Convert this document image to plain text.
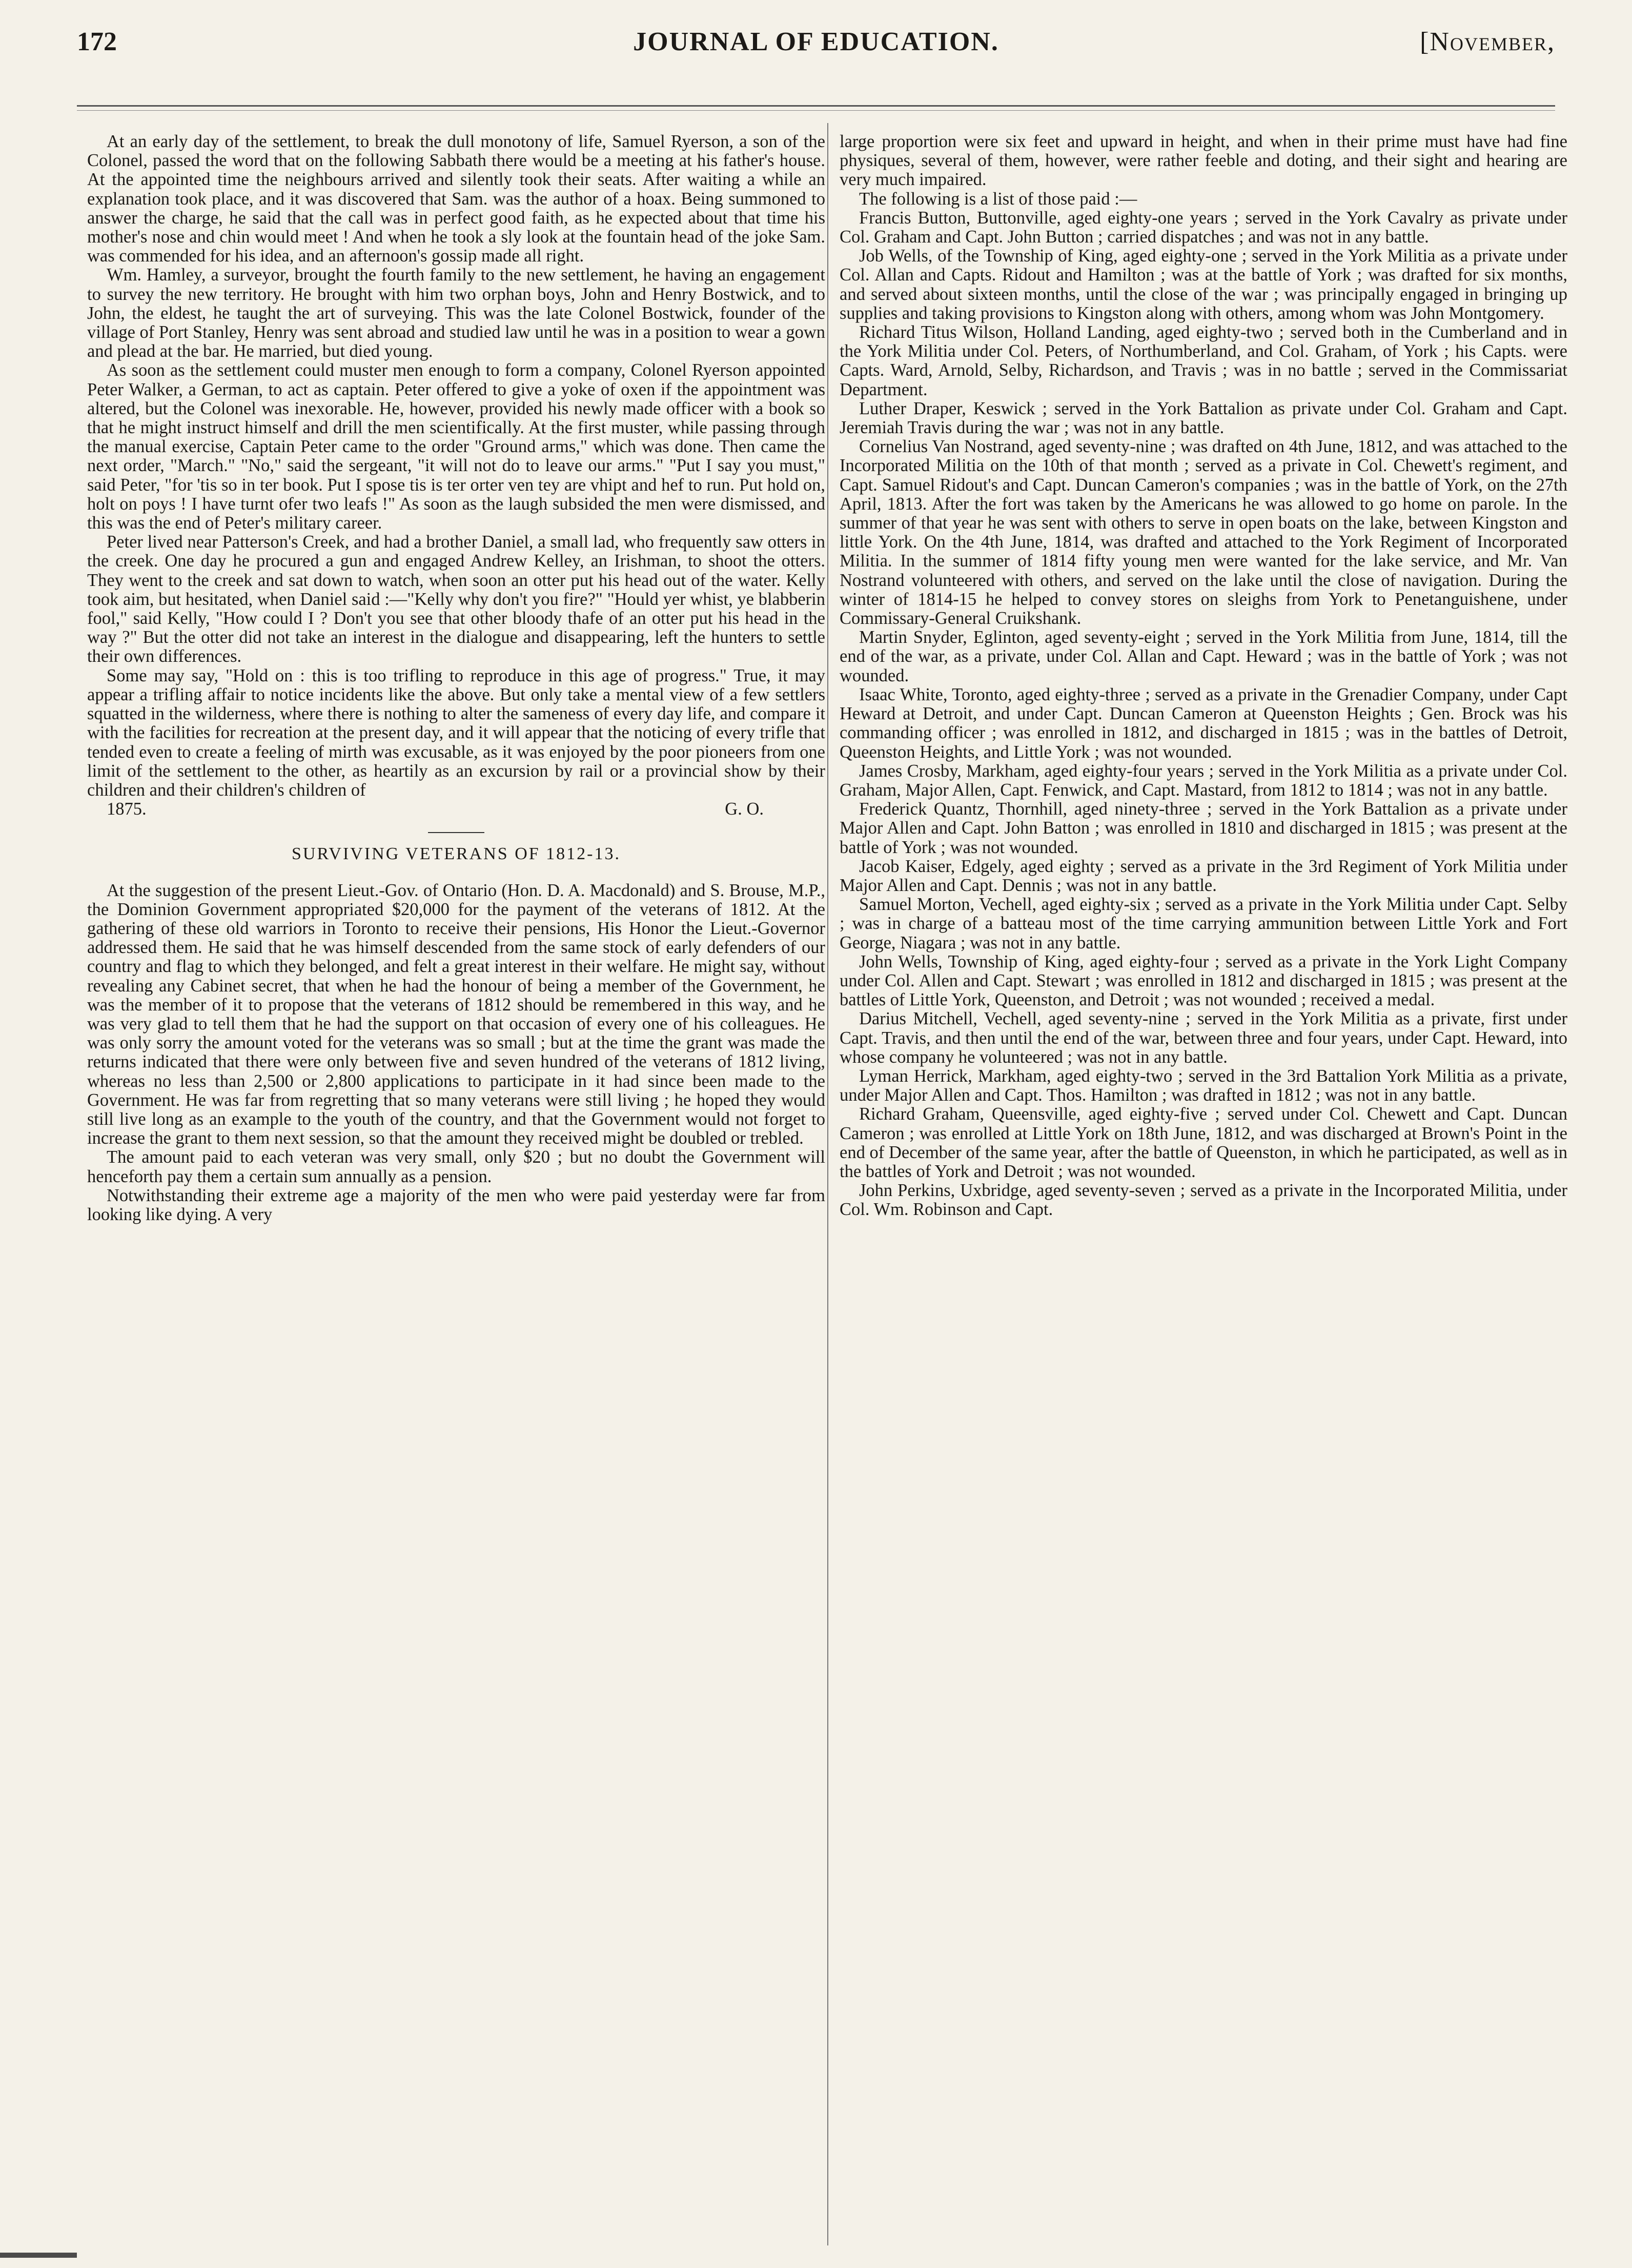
172	JOURNAL OF EDUCATION.	[November,

At an early day of the settlement, to break the dull monotony of life, Samuel Ryerson, a son of the Colonel, passed the word that on the following Sabbath there would be a meeting at his father's house. At the appointed time the neighbours arrived and silently took their seats. After waiting a while an explanation took place, and it was discovered that Sam. was the author of a hoax. Being summoned to answer the charge, he said that the call was in perfect good faith, as he expected about that time his mother's nose and chin would meet ! And when he took a sly look at the fountain head of the joke Sam. was commended for his idea, and an afternoon's gossip made all right.

Wm. Hamley, a surveyor, brought the fourth family to the new settlement, he having an engagement to survey the new territory. He brought with him two orphan boys, John and Henry Bostwick, and to John, the eldest, he taught the art of surveying. This was the late Colonel Bostwick, founder of the village of Port Stanley, Henry was sent abroad and studied law until he was in a position to wear a gown and plead at the bar. He married, but died young.

As soon as the settlement could muster men enough to form a company, Colonel Ryerson appointed Peter Walker, a German, to act as captain. Peter offered to give a yoke of oxen if the appointment was altered, but the Colonel was inexorable. He, however, provided his newly made officer with a book so that he might instruct himself and drill the men scientifically. At the first muster, while passing through the manual exercise, Captain Peter came to the order "Ground arms," which was done. Then came the next order, "March." "No," said the sergeant, "it will not do to leave our arms." "Put I say you must," said Peter, "for 'tis so in ter book. Put I spose tis is ter orter ven tey are vhipt and hef to run. Put hold on, holt on poys ! I have turnt ofer two leafs !" As soon as the laugh subsided the men were dismissed, and this was the end of Peter's military career.

Peter lived near Patterson's Creek, and had a brother Daniel, a small lad, who frequently saw otters in the creek. One day he procured a gun and engaged Andrew Kelley, an Irishman, to shoot the otters. They went to the creek and sat down to watch, when soon an otter put his head out of the water. Kelly took aim, but hesitated, when Daniel said :—"Kelly why don't you fire?" "Hould yer whist, ye blabberin fool," said Kelly, "How could I ? Don't you see that other bloody thafe of an otter put his head in the way ?" But the otter did not take an interest in the dialogue and disappearing, left the hunters to settle their own differences.

Some may say, "Hold on : this is too trifling to reproduce in this age of progress." True, it may appear a trifling affair to notice incidents like the above. But only take a mental view of a few settlers squatted in the wilderness, where there is nothing to alter the sameness of every day life, and compare it with the facilities for recreation at the present day, and it will appear that the noticing of every trifle that tended even to create a feeling of mirth was excusable, as it was enjoyed by the poor pioneers from one limit of the settlement to the other, as heartily as an excursion by rail or a provincial show by their children and their children's children of

1875.	G. O.
SURVIVING VETERANS OF 1812-13.

At the suggestion of the present Lieut.-Gov. of Ontario (Hon. D. A. Macdonald) and S. Brouse, M.P., the Dominion Government appropriated $20,000 for the payment of the veterans of 1812. At the gathering of these old warriors in Toronto to receive their pensions, His Honor the Lieut.-Governor addressed them. He said that he was himself descended from the same stock of early defenders of our country and flag to which they belonged, and felt a great interest in their welfare. He might say, without revealing any Cabinet secret, that when he had the honour of being a member of the Government, he was the member of it to propose that the veterans of 1812 should be remembered in this way, and he was very glad to tell them that he had the support on that occasion of every one of his colleagues. He was only sorry the amount voted for the veterans was so small ; but at the time the grant was made the returns indicated that there were only between five and seven hundred of the veterans of 1812 living, whereas no less than 2,500 or 2,800 applications to participate in it had since been made to the Government. He was far from regretting that so many veterans were still living ; he hoped they would still live long as an example to the youth of the country, and that the Government would not forget to increase the grant to them next session, so that the amount they received might be doubled or trebled.

The amount paid to each veteran was very small, only $20 ; but no doubt the Government will henceforth pay them a certain sum annually as a pension.

Notwithstanding their extreme age a majority of the men who were paid yesterday were far from looking like dying. A very

large proportion were six feet and upward in height, and when in their prime must have had fine physiques, several of them, however, were rather feeble and doting, and their sight and hearing are very much impaired.

The following is a list of those paid :—

Francis Button, Buttonville, aged eighty-one years ; served in the York Cavalry as private under Col. Graham and Capt. John Button ; carried dispatches ; and was not in any battle.

Job Wells, of the Township of King, aged eighty-one ; served in the York Militia as a private under Col. Allan and Capts. Ridout and Hamilton ; was at the battle of York ; was drafted for six months, and served about sixteen months, until the close of the war ; was principally engaged in bringing up supplies and taking provisions to Kingston along with others, among whom was John Montgomery.

Richard Titus Wilson, Holland Landing, aged eighty-two ; served both in the Cumberland and in the York Militia under Col. Peters, of Northumberland, and Col. Graham, of York ; his Capts. were Capts. Ward, Arnold, Selby, Richardson, and Travis ; was in no battle ; served in the Commissariat Department.

Luther Draper, Keswick ; served in the York Battalion as private under Col. Graham and Capt. Jeremiah Travis during the war ; was not in any battle.

Cornelius Van Nostrand, aged seventy-nine ; was drafted on 4th June, 1812, and was attached to the Incorporated Militia on the 10th of that month ; served as a private in Col. Chewett's regiment, and Capt. Samuel Ridout's and Capt. Duncan Cameron's companies ; was in the battle of York, on the 27th April, 1813. After the fort was taken by the Americans he was allowed to go home on parole. In the summer of that year he was sent with others to serve in open boats on the lake, between Kingston and little York. On the 4th June, 1814, was drafted and attached to the York Regiment of Incorporated Militia. In the summer of 1814 fifty young men were wanted for the lake service, and Mr. Van Nostrand volunteered with others, and served on the lake until the close of navigation. During the winter of 1814-15 he helped to convey stores on sleighs from York to Penetanguishene, under Commissary-General Cruikshank.

Martin Snyder, Eglinton, aged seventy-eight ; served in the York Militia from June, 1814, till the end of the war, as a private, under Col. Allan and Capt. Heward ; was in the battle of York ; was not wounded.

Isaac White, Toronto, aged eighty-three ; served as a private in the Grenadier Company, under Capt Heward at Detroit, and under Capt. Duncan Cameron at Queenston Heights ; Gen. Brock was his commanding officer ; was enrolled in 1812, and discharged in 1815 ; was in the battles of Detroit, Queenston Heights, and Little York ; was not wounded.

James Crosby, Markham, aged eighty-four years ; served in the York Militia as a private under Col. Graham, Major Allen, Capt. Fenwick, and Capt. Mastard, from 1812 to 1814 ; was not in any battle.

Frederick Quantz, Thornhill, aged ninety-three ; served in the York Battalion as a private under Major Allen and Capt. John Batton ; was enrolled in 1810 and discharged in 1815 ; was present at the battle of York ; was not wounded.

Jacob Kaiser, Edgely, aged eighty ; served as a private in the 3rd Regiment of York Militia under Major Allen and Capt. Dennis ; was not in any battle.

Samuel Morton, Vechell, aged eighty-six ; served as a private in the York Militia under Capt. Selby ; was in charge of a batteau most of the time carrying ammunition between Little York and Fort George, Niagara ; was not in any battle.

John Wells, Township of King, aged eighty-four ; served as a private in the York Light Company under Col. Allen and Capt. Stewart ; was enrolled in 1812 and discharged in 1815 ; was present at the battles of Little York, Queenston, and Detroit ; was not wounded ; received a medal.

Darius Mitchell, Vechell, aged seventy-nine ; served in the York Militia as a private, first under Capt. Travis, and then until the end of the war, between three and four years, under Capt. Heward, into whose company he volunteered ; was not in any battle.

Lyman Herrick, Markham, aged eighty-two ; served in the 3rd Battalion York Militia as a private, under Major Allen and Capt. Thos. Hamilton ; was drafted in 1812 ; was not in any battle.

Richard Graham, Queensville, aged eighty-five ; served under Col. Chewett and Capt. Duncan Cameron ; was enrolled at Little York on 18th June, 1812, and was discharged at Brown's Point in the end of December of the same year, after the battle of Queenston, in which he participated, as well as in the battles of York and Detroit ; was not wounded.

John Perkins, Uxbridge, aged seventy-seven ; served as a private in the Incorporated Militia, under Col. Wm. Robinson and Capt.
